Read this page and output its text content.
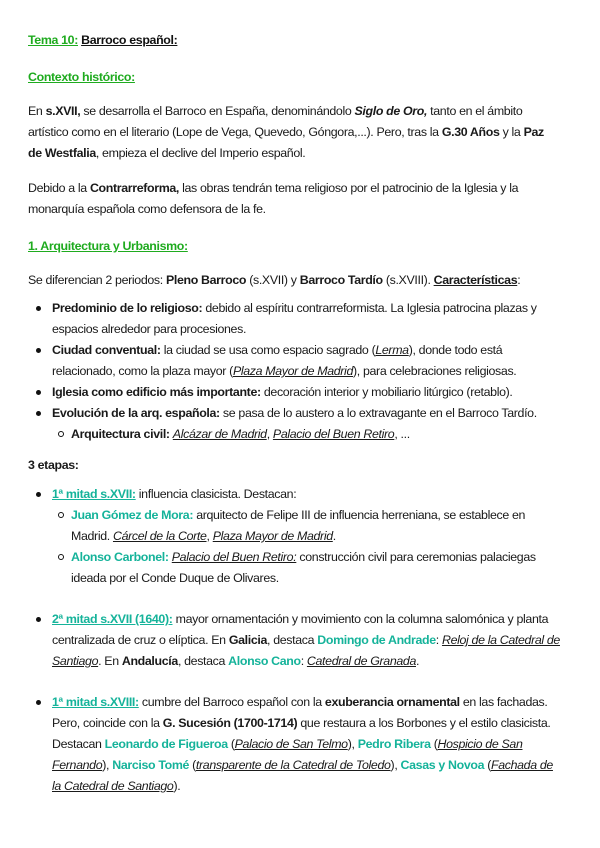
Tema 10: Barroco español:

Contexto histórico:

En s.XVII, se desarrolla el Barroco en España, denominándolo Siglo de Oro, tanto en el ámbito artístico como en el literario (Lope de Vega, Quevedo, Góngora,...). Pero, tras la G.30 Años y la Paz de Westfalia, empieza el declive del Imperio español.

Debido a la Contrarreforma, las obras tendrán tema religioso por el patrocinio de la Iglesia y la monarquía española como defensora de la fe.

1. Arquitectura y Urbanismo:

Se diferencian 2 periodos: Pleno Barroco (s.XVII) y Barroco Tardío (s.XVIII). Características:

Predominio de lo religioso: debido al espíritu contrarreformista. La Iglesia patrocina plazas y espacios alrededor para procesiones.
Ciudad conventual: la ciudad se usa como espacio sagrado (Lerma), donde todo está relacionado, como la plaza mayor (Plaza Mayor de Madrid), para celebraciones religiosas.
Iglesia como edificio más importante: decoración interior y mobiliario litúrgico (retablo).
Evolución de la arq. española: se pasa de lo austero a lo extravagante en el Barroco Tardío.
Arquitectura civil: Alcázar de Madrid, Palacio del Buen Retiro, ...

3 etapas:

1ª mitad s.XVII: influencia clasicista. Destacan:
Juan Gómez de Mora: arquitecto de Felipe III de influencia herreniana, se establece en Madrid. Cárcel de la Corte, Plaza Mayor de Madrid.
Alonso Carbonel: Palacio del Buen Retiro: construcción civil para ceremonias palaciegas ideada por el Conde Duque de Olivares.
2ª mitad s.XVII (1640): mayor ornamentación y movimiento con la columna salomónica y planta centralizada de cruz o elíptica. En Galicia, destaca Domingo de Andrade: Reloj de la Catedral de Santiago. En Andalucía, destaca Alonso Cano: Catedral de Granada.
1ª mitad s.XVIII: cumbre del Barroco español con la exuberancia ornamental en las fachadas. Pero, coincide con la G. Sucesión (1700-1714) que restaura a los Borbones y el estilo clasicista. Destacan Leonardo de Figueroa (Palacio de San Telmo), Pedro Ribera (Hospicio de San Fernando), Narciso Tomé (transparente de la Catedral de Toledo), Casas y Novoa (Fachada de la Catedral de Santiago).
